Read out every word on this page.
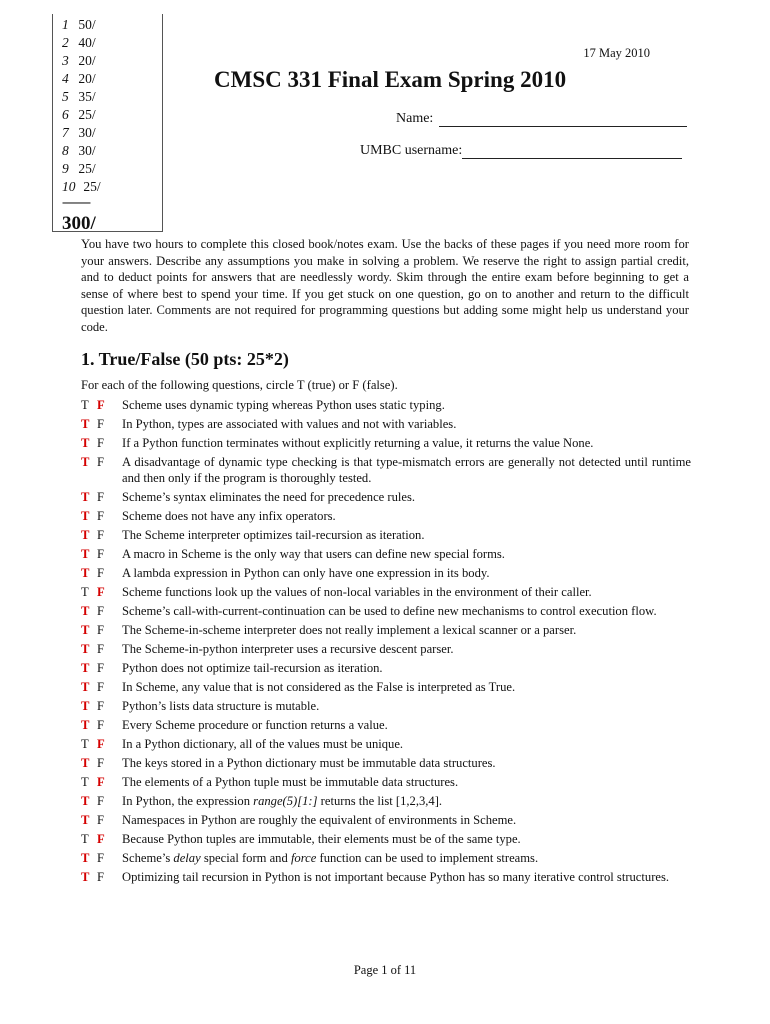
1 50/
2 40/
3 20/
4 20/
5 35/
6 25/
7 30/
8 30/
9 25/
10 25/
--------
300/
17 May 2010
CMSC 331 Final Exam Spring 2010
Name:
UMBC username:
You have two hours to complete this closed book/notes exam. Use the backs of these pages if you need more room for your answers. Describe any assumptions you make in solving a problem. We reserve the right to assign partial credit, and to deduct points for answers that are needlessly wordy. Skim through the entire exam before beginning to get a sense of where best to spend your time. If you get stuck on one question, go on to another and return to the difficult question later. Comments are not required for programming questions but adding some might help us understand your code.
1. True/False (50 pts: 25*2)
For each of the following questions, circle T (true) or F (false).
T F	Scheme uses dynamic typing whereas Python uses static typing.
T F	In Python, types are associated with values and not with variables.
T F	If a Python function terminates without explicitly returning a value, it returns the value None.
T F	A disadvantage of dynamic type checking is that type-mismatch errors are generally not detected until runtime and then only if the program is thoroughly tested.
T F	Scheme’s syntax eliminates the need for precedence rules.
T F	Scheme does not have any infix operators.
T F	The Scheme interpreter optimizes tail-recursion as iteration.
T F	A macro in Scheme is the only way that users can define new special forms.
T F	A lambda expression in Python can only have one expression in its body.
T F	Scheme functions look up the values of non-local variables in the environment of their caller.
T F	Scheme’s call-with-current-continuation can be used to define new mechanisms to control execution flow.
T F	The Scheme-in-scheme interpreter does not really implement a lexical scanner or a parser.
T F	The Scheme-in-python interpreter uses a recursive descent parser.
T F	Python does not optimize tail-recursion as iteration.
T F	In Scheme, any value that is not considered as the False is interpreted as True.
T F	Python’s lists data structure is mutable.
T F	Every Scheme procedure or function returns a value.
T F	In a Python dictionary, all of the values must be unique.
T F	The keys stored in a Python dictionary must be immutable data structures.
T F	The elements of a Python tuple must be immutable data structures.
T F	In Python, the expression range(5)[1:] returns the list [1,2,3,4].
T F	Namespaces in Python are roughly the equivalent of environments in Scheme.
T F	Because Python tuples are immutable, their elements must be of the same type.
T F	Scheme’s delay special form and force function can be used to implement streams.
T F	Optimizing tail recursion in Python is not important because Python has so many iterative control structures.
Page 1 of 11
